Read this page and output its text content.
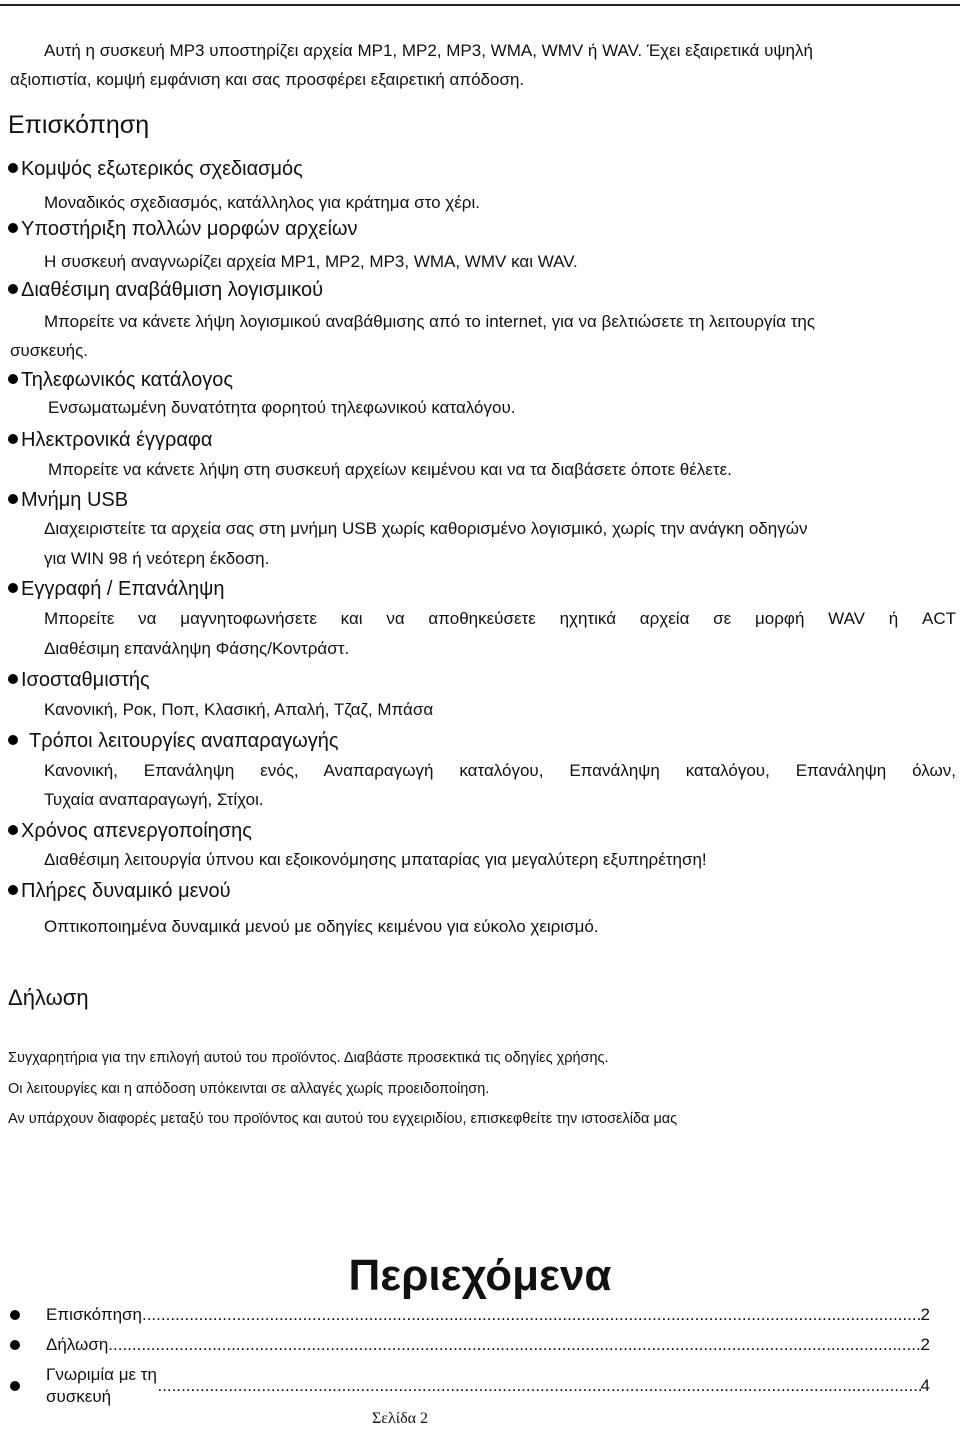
Αυτή η συσκευή MP3 υποστηρίζει αρχεία MP1, MP2, MP3, WMA, WMV ή WAV. Έχει εξαιρετικά υψηλή
αξιοπιστία, κομψή εμφάνιση και σας προσφέρει εξαιρετική απόδοση.
Επισκόπηση
Κομψός εξωτερικός σχεδιασμός
Μοναδικός σχεδιασμός, κατάλληλος για κράτημα στο χέρι.
Υποστήριξη πολλών μορφών αρχείων
Η συσκευή αναγνωρίζει αρχεία MP1, MP2, MP3, WMA, WMV και WAV.
Διαθέσιμη αναβάθμιση λογισμικού
Μπορείτε να κάνετε λήψη λογισμικού αναβάθμισης από το internet, για να βελτιώσετε τη λειτουργία της
συσκευής.
Τηλεφωνικός κατάλογος
Ενσωματωμένη δυνατότητα φορητού τηλεφωνικού καταλόγου.
Ηλεκτρονικά έγγραφα
Μπορείτε να κάνετε λήψη στη συσκευή αρχείων κειμένου και να τα διαβάσετε όποτε θέλετε.
Μνήμη USB
Διαχειριστείτε τα αρχεία σας στη μνήμη USB χωρίς καθορισμένο λογισμικό, χωρίς την ανάγκη οδηγών
για WIN 98 ή νεότερη έκδοση.
Εγγραφή / Επανάληψη
Μπορείτε να μαγνητοφωνήσετε και να αποθηκεύσετε ηχητικά αρχεία σε μορφή WAV ή ACT
Διαθέσιμη επανάληψη Φάσης/Κοντράστ.
Ισοσταθμιστής
Κανονική, Ροκ, Ποπ, Κλασική, Απαλή, Τζαζ, Μπάσα
Τρόποι λειτουργίες αναπαραγωγής
Κανονική, Επανάληψη ενός, Αναπαραγωγή καταλόγου, Επανάληψη καταλόγου, Επανάληψη όλων,
Τυχαία αναπαραγωγή, Στίχοι.
Χρόνος απενεργοποίησης
Διαθέσιμη λειτουργία ύπνου και εξοικονόμησης μπαταρίας για μεγαλύτερη εξυπηρέτηση!
Πλήρες δυναμικό μενού
Οπτικοποιημένα δυναμικά μενού με οδηγίες κειμένου για εύκολο χειρισμό.
Δήλωση
Συγχαρητήρια για την επιλογή αυτού του προϊόντος. Διαβάστε προσεκτικά τις οδηγίες χρήσης.
Οι λειτουργίες και η απόδοση υπόκεινται σε αλλαγές χωρίς προειδοποίηση.
Αν υπάρχουν διαφορές μεταξύ του προϊόντος και αυτού του εγχειριδίου, επισκεφθείτε την ιστοσελίδα μας
Περιεχόμενα
Επισκόπηση .....	2
Δήλωση .....	2
Γνωριμία με τη συσκευή
.....
4
Σελίδα 2
